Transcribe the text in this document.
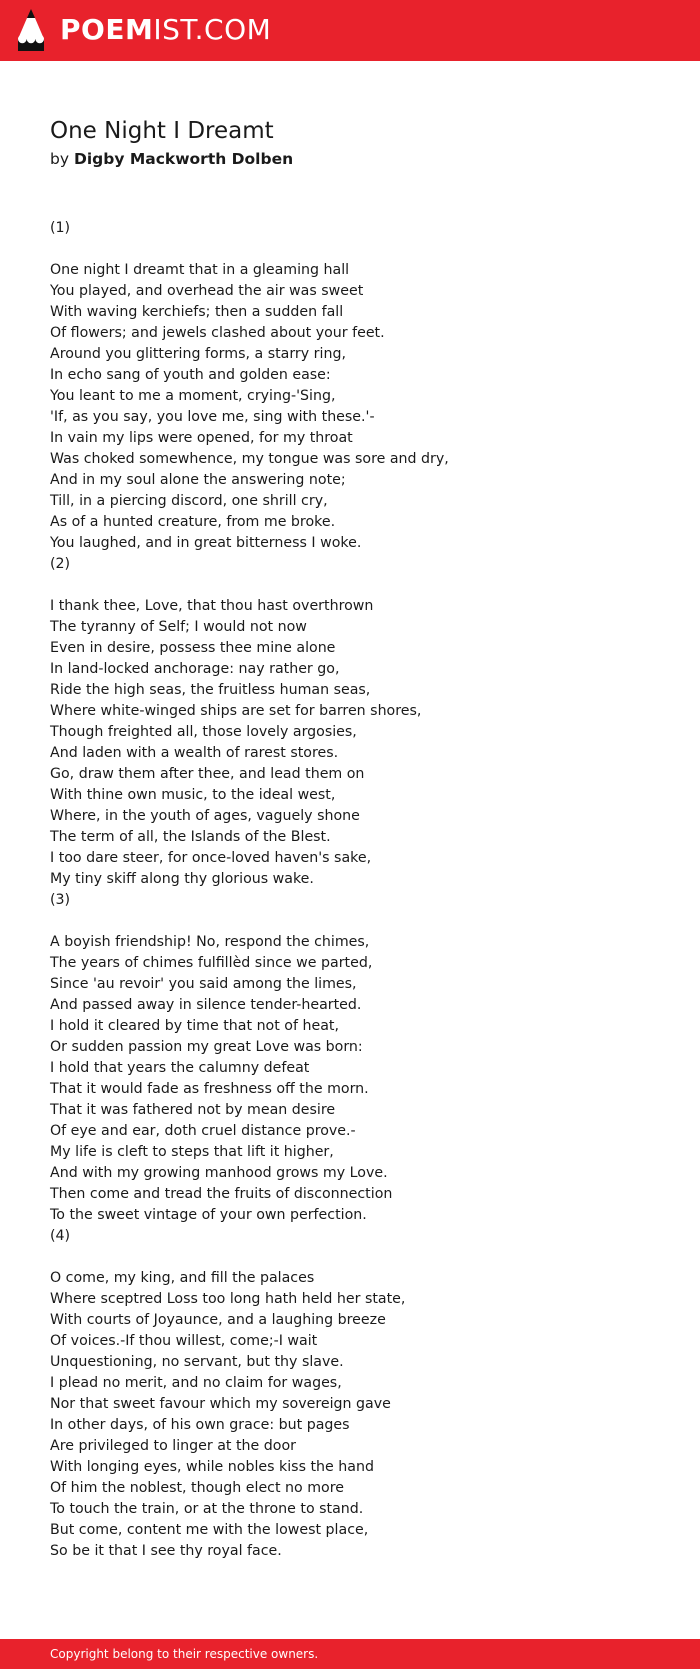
POEMIST.COM
One Night I Dreamt
by Digby Mackworth Dolben
(1)
One night I dreamt that in a gleaming hall
You played, and overhead the air was sweet
With waving kerchiefs; then a sudden fall
Of flowers; and jewels clashed about your feet.
Around you glittering forms, a starry ring,
In echo sang of youth and golden ease:
You leant to me a moment, crying-'Sing,
'If, as you say, you love me, sing with these.'-
In vain my lips were opened, for my throat
Was choked somewhence, my tongue was sore and dry,
And in my soul alone the answering note;
Till, in a piercing discord, one shrill cry,
As of a hunted creature, from me broke.
You laughed, and in great bitterness I woke.
(2)
I thank thee, Love, that thou hast overthrown
The tyranny of Self; I would not now
Even in desire, possess thee mine alone
In land-locked anchorage: nay rather go,
Ride the high seas, the fruitless human seas,
Where white-winged ships are set for barren shores,
Though freighted all, those lovely argosies,
And laden with a wealth of rarest stores.
Go, draw them after thee, and lead them on
With thine own music, to the ideal west,
Where, in the youth of ages, vaguely shone
The term of all, the Islands of the Blest.
I too dare steer, for once-loved haven's sake,
My tiny skiff along thy glorious wake.
(3)
A boyish friendship! No, respond the chimes,
The years of chimes fulfillèd since we parted,
Since 'au revoir' you said among the limes,
And passed away in silence tender-hearted.
I hold it cleared by time that not of heat,
Or sudden passion my great Love was born:
I hold that years the calumny defeat
That it would fade as freshness off the morn.
That it was fathered not by mean desire
Of eye and ear, doth cruel distance prove.-
My life is cleft to steps that lift it higher,
And with my growing manhood grows my Love.
Then come and tread the fruits of disconnection
To the sweet vintage of your own perfection.
(4)
O come, my king, and fill the palaces
Where sceptred Loss too long hath held her state,
With courts of Joyaunce, and a laughing breeze
Of voices.-If thou willest, come;-I wait
Unquestioning, no servant, but thy slave.
I plead no merit, and no claim for wages,
Nor that sweet favour which my sovereign gave
In other days, of his own grace: but pages
Are privileged to linger at the door
With longing eyes, while nobles kiss the hand
Of him the noblest, though elect no more
To touch the train, or at the throne to stand.
But come, content me with the lowest place,
So be it that I see thy royal face.
Copyright belong to their respective owners.
